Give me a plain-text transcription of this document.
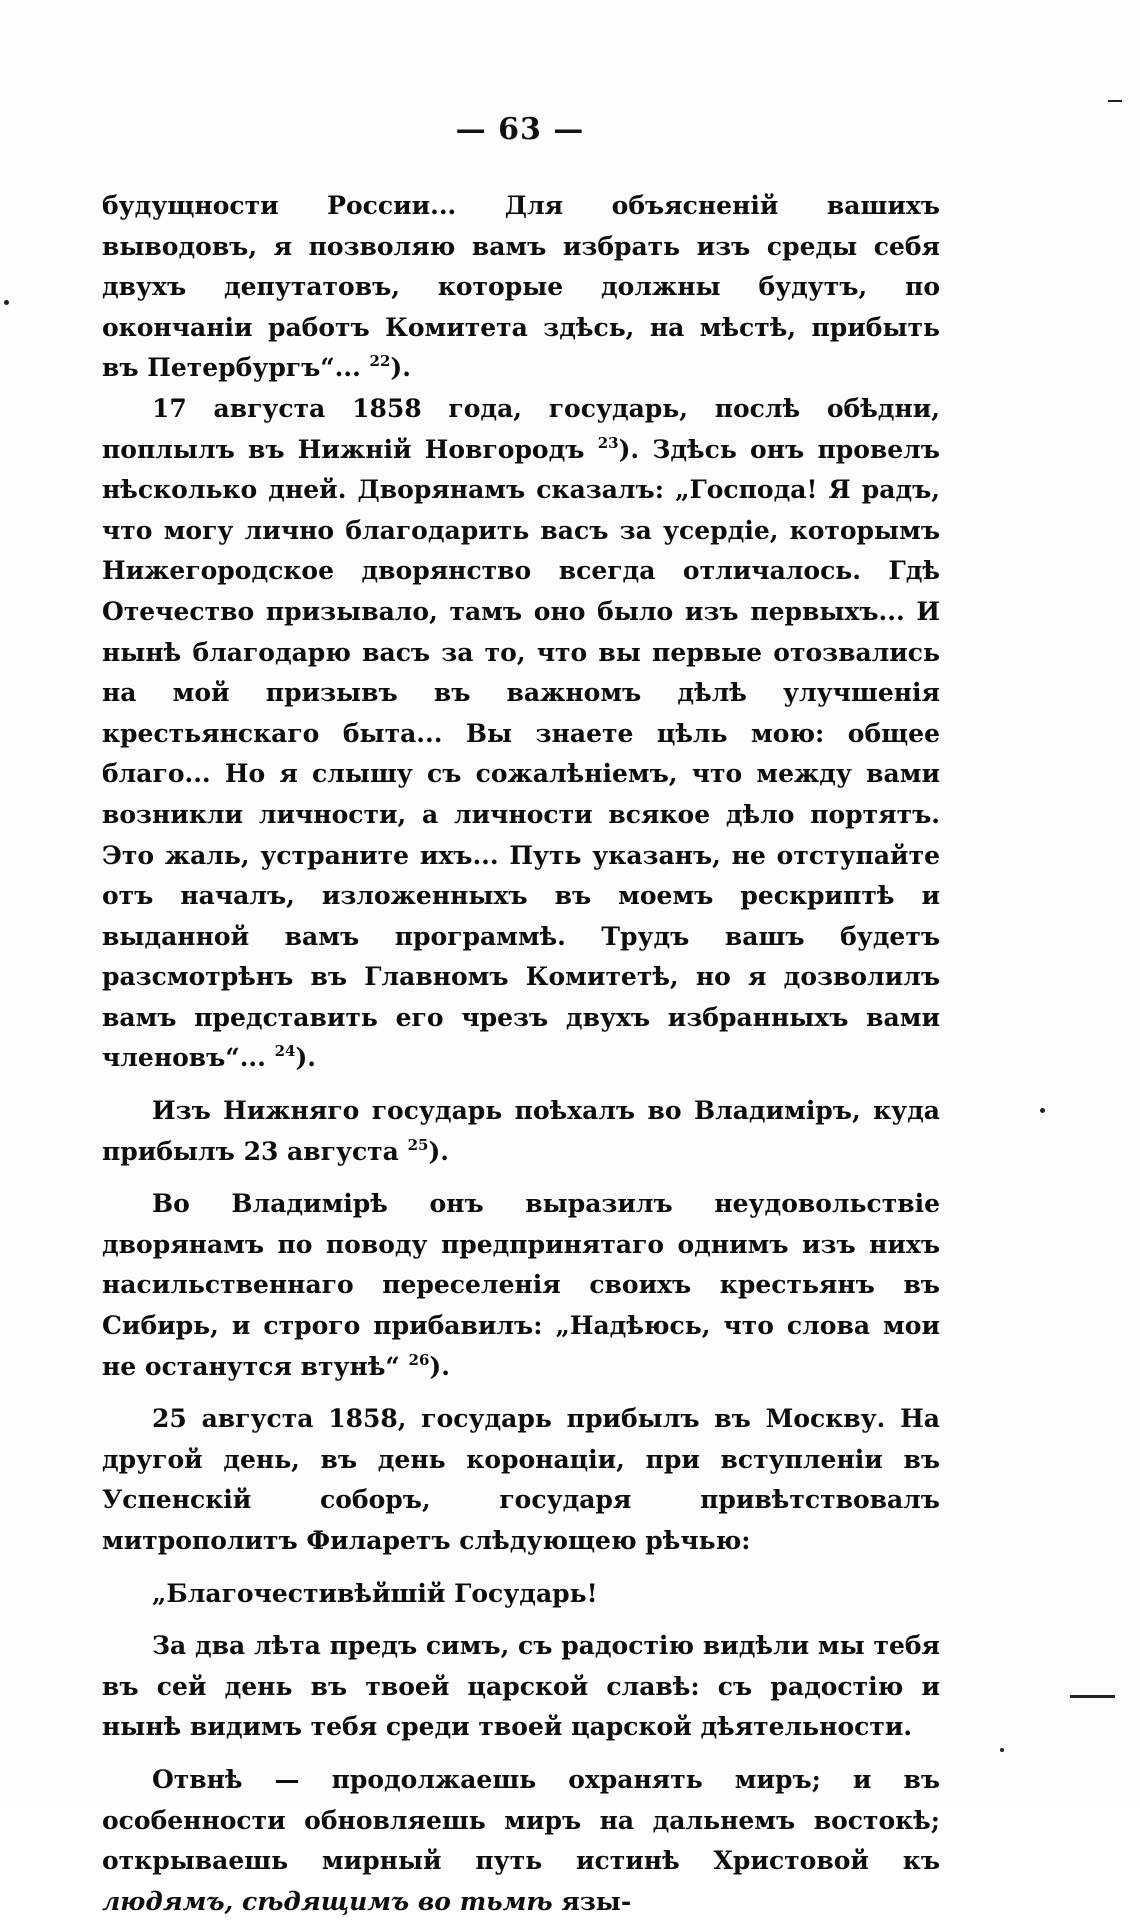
— 63 —

будущности России... Для объясненій вашихъ выводовъ, я позволяю вамъ избрать изъ среды себя двухъ депутатовъ, которые должны будутъ, по окончаніи работъ Комитета здѣсь, на мѣстѣ, прибыть въ Петербургъ“... $^{22}$).

17 августа 1858 года, государь, послѣ обѣдни, поплылъ въ Нижній Новгородъ $^{23}$). Здѣсь онъ провелъ нѣсколько дней. Дворянамъ сказалъ: „Господа! Я радъ, что могу лично благодарить васъ за усердіе, которымъ Нижегородское дворянство всегда отличалось. Гдѣ Отечество призывало, тамъ оно было изъ первыхъ... И нынѣ благодарю васъ за то, что вы первые отозвались на мой призывъ въ важномъ дѣлѣ улучшенія крестьянскаго быта... Вы знаете цѣль мою: общее благо... Но я слышу съ сожалѣніемъ, что между вами возникли личности, а личности всякое дѣло портятъ. Это жаль, устраните ихъ... Путь указанъ, не отступайте отъ началъ, изложенныхъ въ моемъ рескриптѣ и выданной вамъ программѣ. Трудъ вашъ будетъ разсмотрѣнъ въ Главномъ Комитетѣ, но я дозволилъ вамъ представить его чрезъ двухъ избранныхъ вами членовъ“... $^{24}$).

Изъ Нижняго государь поѣхалъ во Владиміръ, куда прибылъ 23 августа $^{25}$).

Во Владимірѣ онъ выразилъ неудовольствіе дворянамъ по поводу предпринятаго однимъ изъ нихъ насильственнаго переселенія своихъ крестьянъ въ Сибирь, и строго прибавилъ: „Надѣюсь, что слова мои не останутся втунѣ“ $^{26}$).

25 августа 1858, государь прибылъ въ Москву. На другой день, въ день коронаціи, при вступленіи въ Успенскій соборъ, государя привѣтствовалъ митрополитъ Филаретъ слѣдующею рѣчью:

„Благочестивѣйшій Государь!

За два лѣта предъ симъ, съ радостію видѣли мы тебя въ сей день въ твоей царской славѣ: съ радостію и нынѣ видимъ тебя среди твоей царской дѣятельности.

Отвнѣ — продолжаешь охранять миръ; и въ особенности обновляешь миръ на дальнемъ востокѣ; открываешь мирный путь истинѣ Христовой къ людямъ, сѣдящимъ во тьмѣ язы-
